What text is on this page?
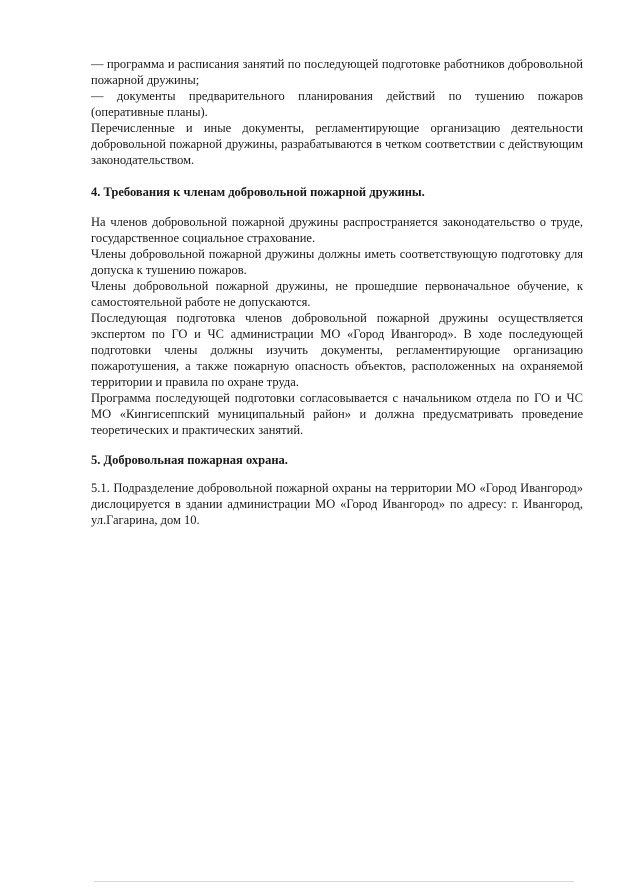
— программа и расписания занятий по последующей подготовке работников добровольной пожарной дружины;

— документы предварительного планирования действий по тушению пожаров (оперативные планы).

Перечисленные и иные документы, регламентирующие организацию деятельности добровольной пожарной дружины, разрабатываются в четком соответствии с действующим законодательством.

4. Требования к членам добровольной пожарной дружины.

На членов добровольной пожарной дружины распространяется законодательство о труде, государственное социальное страхование.

Члены добровольной пожарной дружины должны иметь соответствующую подготовку для допуска к тушению пожаров.

Члены добровольной пожарной дружины, не прошедшие первоначальное обучение, к самостоятельной работе не допускаются.

Последующая подготовка членов добровольной пожарной дружины осуществляется экспертом по ГО и ЧС администрации МО «Город Ивангород». В ходе последующей подготовки члены должны изучить документы, регламентирующие организацию пожаротушения, а также пожарную опасность объектов, расположенных на охраняемой территории и правила по охране труда.

Программа последующей подготовки согласовывается с начальником отдела по ГО и ЧС МО «Кингисеппский муниципальный район» и должна предусматривать проведение теоретических и практических занятий.

5. Добровольная пожарная охрана.

5.1. Подразделение добровольной пожарной охраны на территории МО «Город Ивангород» дислоцируется в здании администрации МО «Город Ивангород» по адресу: г. Ивангород, ул.Гагарина, дом 10.
